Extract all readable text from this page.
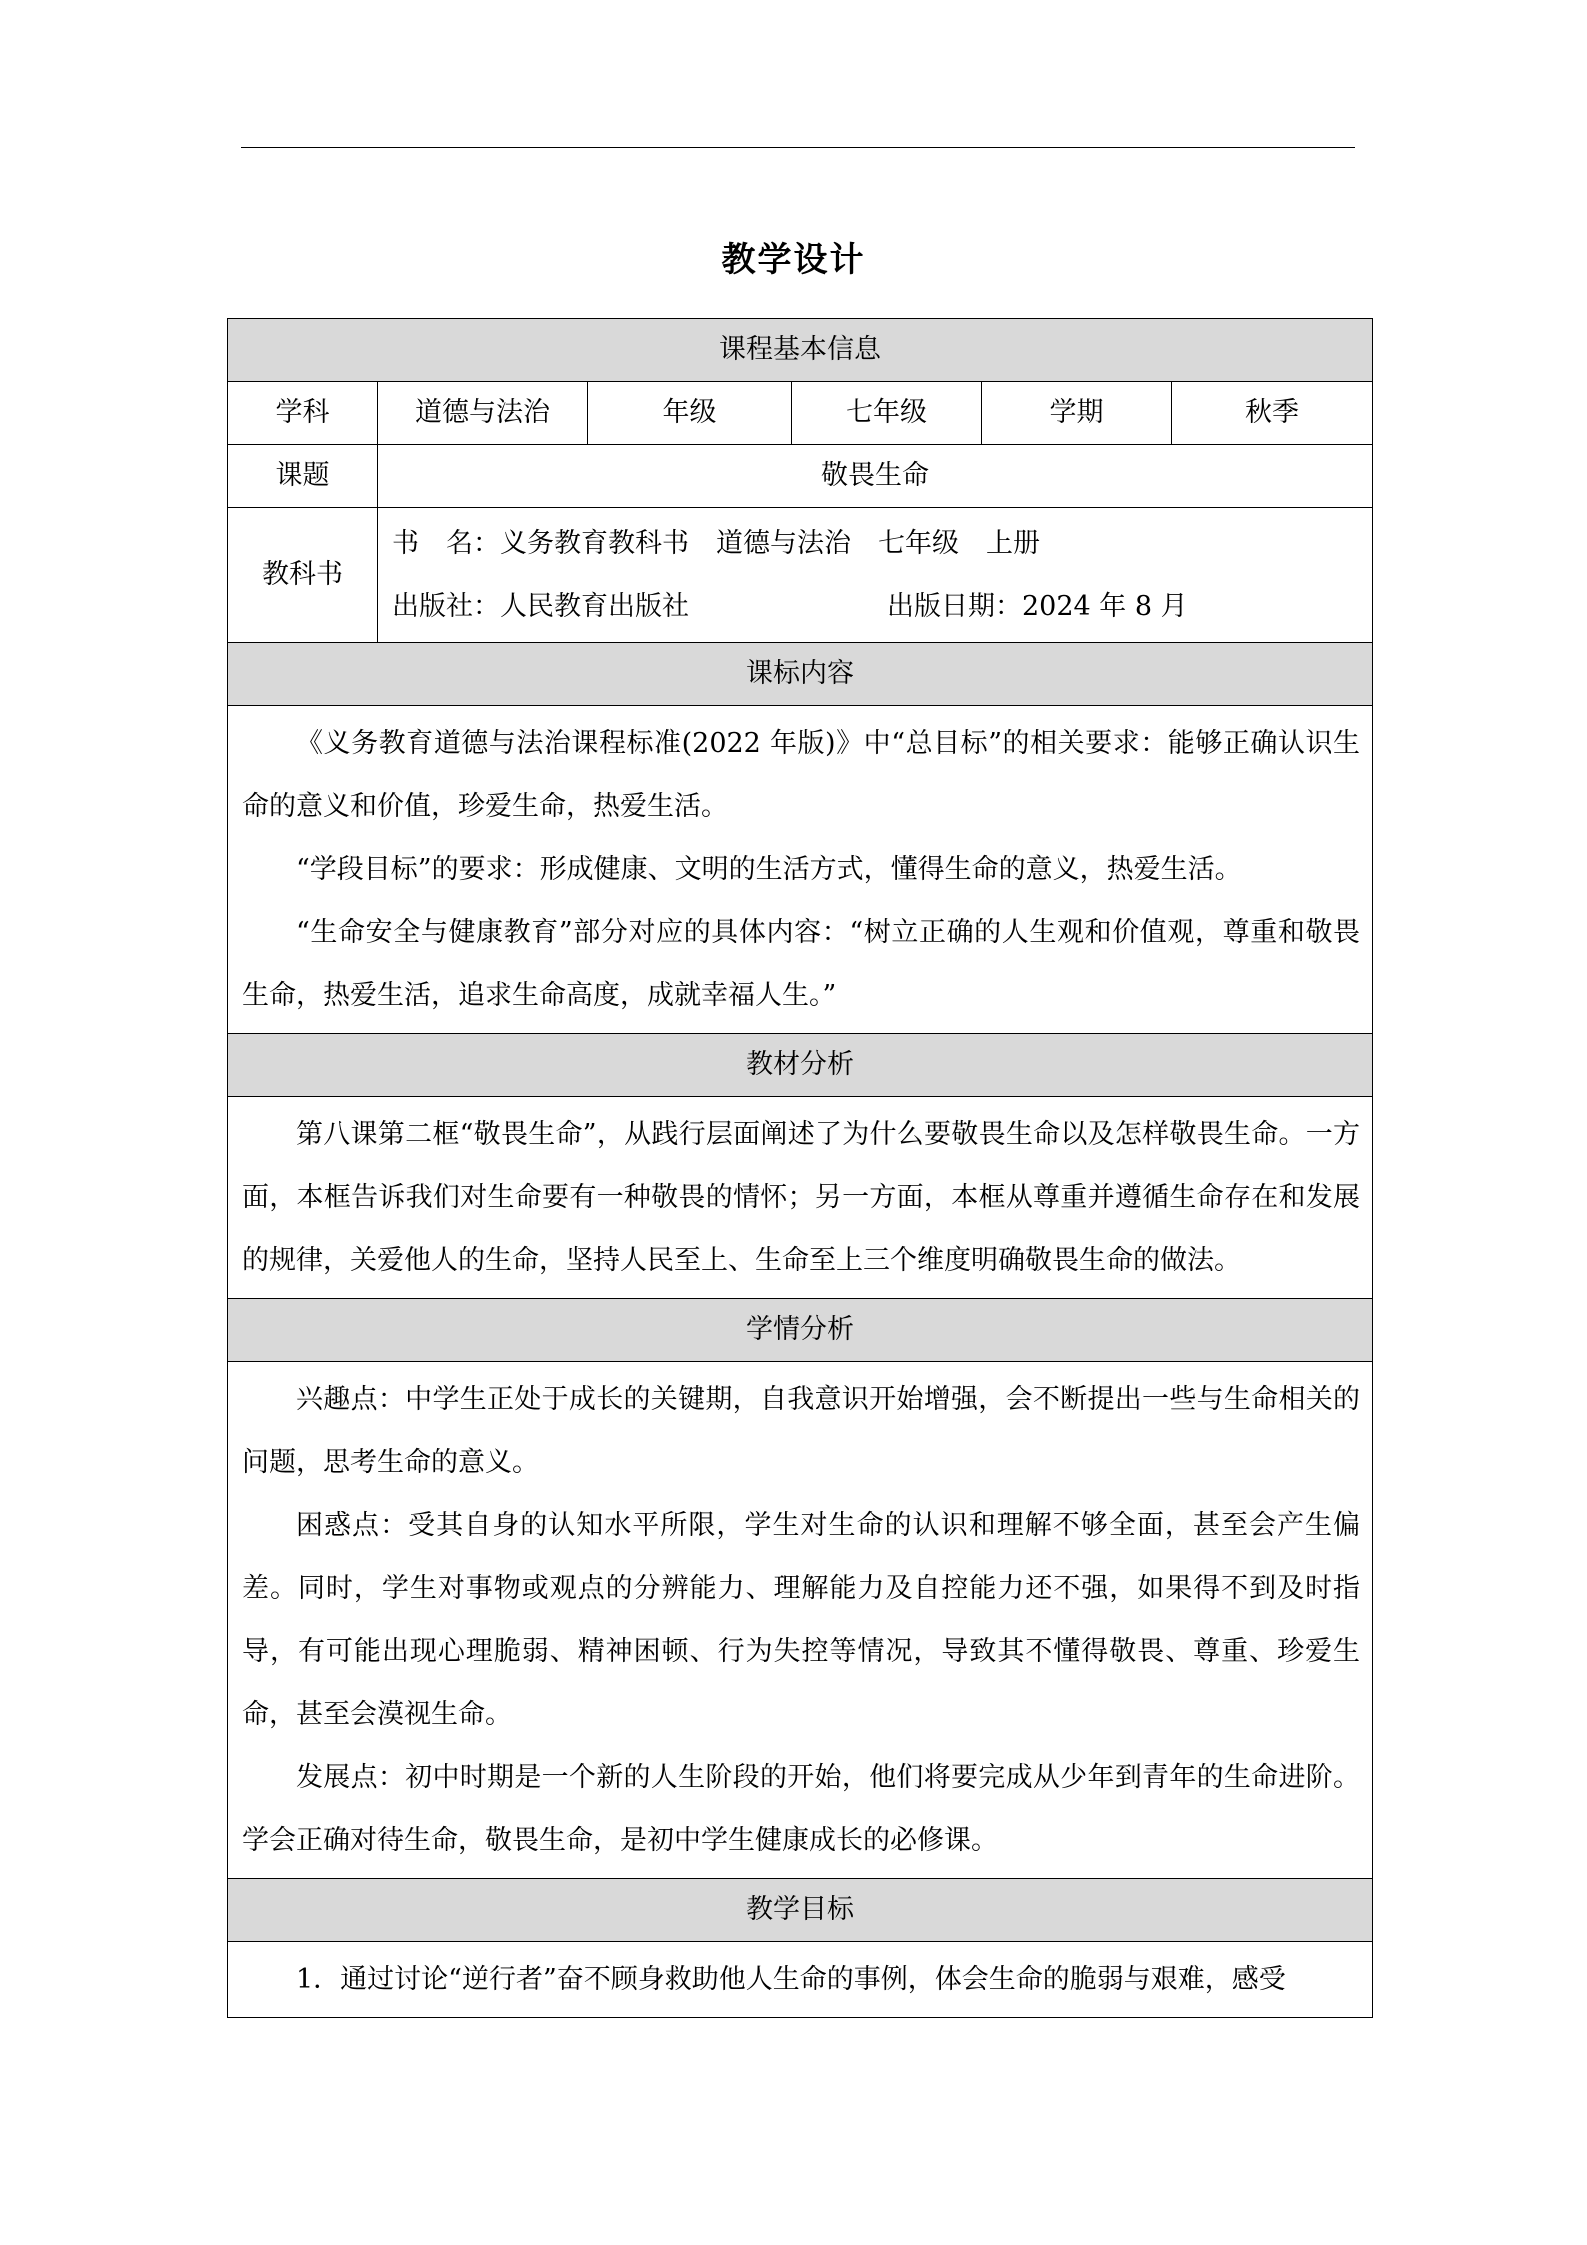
教学设计
课程基本信息					
学科	道德与法治	年级	七年级	学期	秋季
课题	敬畏生命				
教科书	书　名：义务教育教科书　道德与法治　七年级　上册
出版社：人民教育出版社 出版日期：2024 年 8 月				

课标内容					

《义务教育道德与法治课程标准(2022 年版)》中“总目标”的相关要求：能够正确认识生命的意义和价值，珍爱生命，热爱生活。

“学段目标”的要求：形成健康、文明的生活方式，懂得生命的意义，热爱生活。

“生命安全与健康教育”部分对应的具体内容：“树立正确的人生观和价值观，尊重和敬畏生命，热爱生活，追求生命高度，成就幸福人生。”					

教材分析					

第八课第二框“敬畏生命”，从践行层面阐述了为什么要敬畏生命以及怎样敬畏生命。一方面，本框告诉我们对生命要有一种敬畏的情怀；另一方面，本框从尊重并遵循生命存在和发展的规律，关爱他人的生命，坚持人民至上、生命至上三个维度明确敬畏生命的做法。					

学情分析					

兴趣点：中学生正处于成长的关键期，自我意识开始增强，会不断提出一些与生命相关的问题，思考生命的意义。

困惑点：受其自身的认知水平所限，学生对生命的认识和理解不够全面，甚至会产生偏差。同时，学生对事物或观点的分辨能力、理解能力及自控能力还不强，如果得不到及时指导，有可能出现心理脆弱、精神困顿、行为失控等情况，导致其不懂得敬畏、尊重、珍爱生命，甚至会漠视生命。

发展点：初中时期是一个新的人生阶段的开始，他们将要完成从少年到青年的生命进阶。学会正确对待生命，敬畏生命，是初中学生健康成长的必修课。					

教学目标					

1．通过讨论“逆行者”奋不顾身救助他人生命的事例，体会生命的脆弱与艰难，感受					
